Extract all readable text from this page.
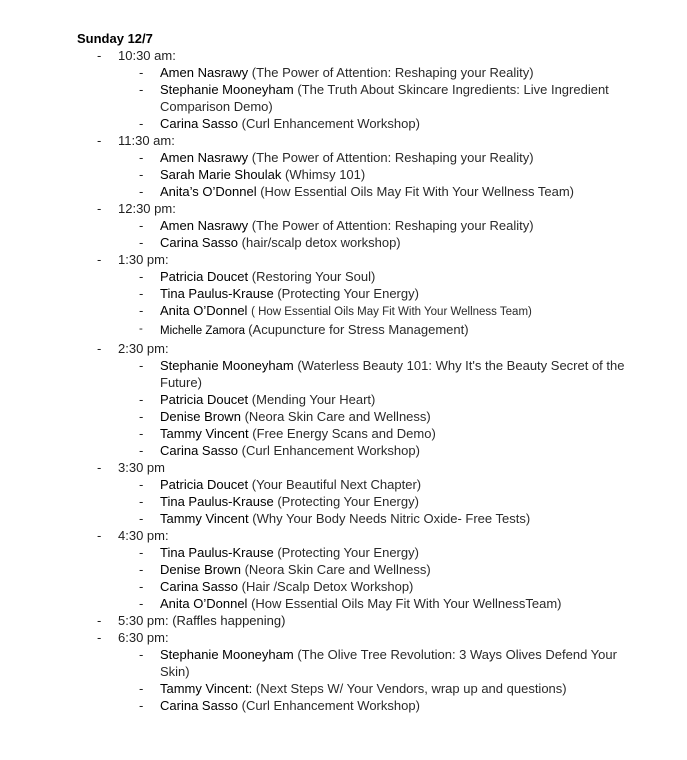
Sunday 12/7
- 10:30 am:
- Amen Nasrawy (The Power of Attention: Reshaping your Reality)
- Stephanie Mooneyham (The Truth About Skincare Ingredients: Live Ingredient Comparison Demo)
- Carina Sasso (Curl Enhancement Workshop)
- 11:30 am:
- Amen Nasrawy (The Power of Attention: Reshaping your Reality)
- Sarah Marie Shoulak (Whimsy 101)
- Anita’s O’Donnel (How Essential Oils May Fit With Your Wellness Team)
- 12:30 pm:
- Amen Nasrawy (The Power of Attention: Reshaping your Reality)
- Carina Sasso (hair/scalp detox workshop)
- 1:30 pm:
- Patricia Doucet (Restoring Your Soul)
- Tina Paulus-Krause (Protecting Your Energy)
- Anita O’Donnel ( How Essential Oils May Fit With Your Wellness Team)
- Michelle Zamora (Acupuncture for Stress Management)
- 2:30 pm:
- Stephanie Mooneyham (Waterless Beauty 101: Why It's the Beauty Secret of the Future)
- Patricia Doucet (Mending Your Heart)
- Denise Brown (Neora Skin Care and Wellness)
- Tammy Vincent (Free Energy Scans and Demo)
- Carina Sasso (Curl Enhancement Workshop)
- 3:30 pm
- Patricia Doucet (Your Beautiful Next Chapter)
- Tina Paulus-Krause (Protecting Your Energy)
- Tammy Vincent (Why Your Body Needs Nitric Oxide- Free Tests)
- 4:30 pm:
- Tina Paulus-Krause (Protecting Your Energy)
- Denise Brown (Neora Skin Care and Wellness)
- Carina Sasso (Hair /Scalp Detox Workshop)
- Anita O’Donnel (How Essential Oils May Fit With Your WellnessTeam)
- 5:30 pm: (Raffles happening)
- 6:30 pm:
- Stephanie Mooneyham (The Olive Tree Revolution: 3 Ways Olives Defend Your Skin)
- Tammy Vincent: (Next Steps W/ Your Vendors, wrap up and questions)
- Carina Sasso (Curl Enhancement Workshop)
